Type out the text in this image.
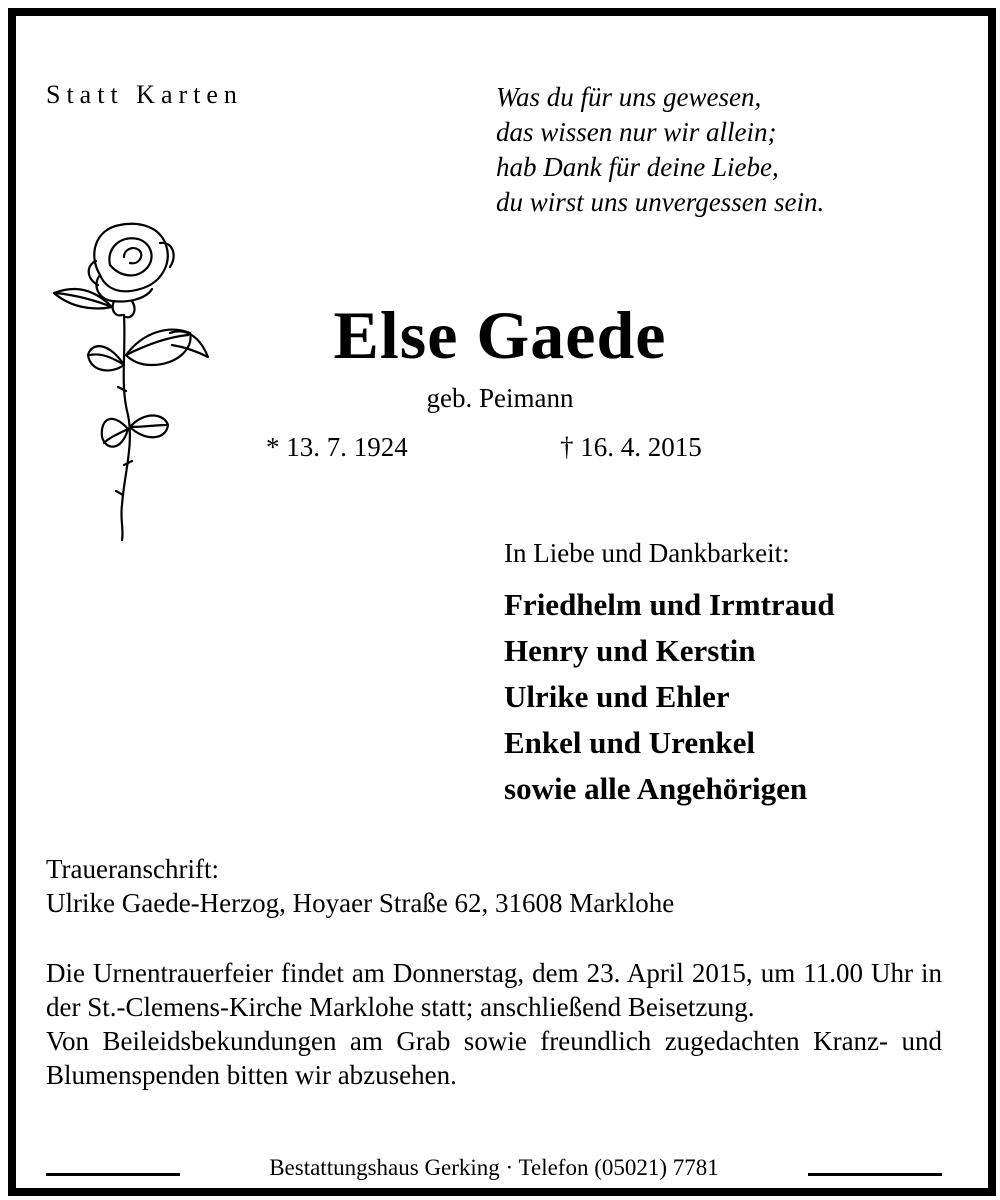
Statt Karten	Was du für uns gewesen,
das wissen nur wir allein;
hab Dank für deine Liebe,
du wirst uns unvergessen sein.
Else Gaede
geb. Peimann
* 13. 7. 1924	† 16. 4. 2015
In Liebe und Dankbarkeit:
Friedhelm und Irmtraud
Henry und Kerstin
Ulrike und Ehler
Enkel und Urenkel
sowie alle Angehörigen
Traueranschrift:
Ulrike Gaede-Herzog, Hoyaer Straße 62, 31608 Marklohe

Die Urnentrauerfeier findet am Donnerstag, dem 23. April 2015, um 11.00 Uhr in der St.-Clemens-Kirche Marklohe statt; anschließend Beisetzung.

Von Beileidsbekundungen am Grab sowie freundlich zugedachten Kranz- und Blumenspenden bitten wir abzusehen.

Bestattungshaus Gerking · Telefon (05021) 7781
